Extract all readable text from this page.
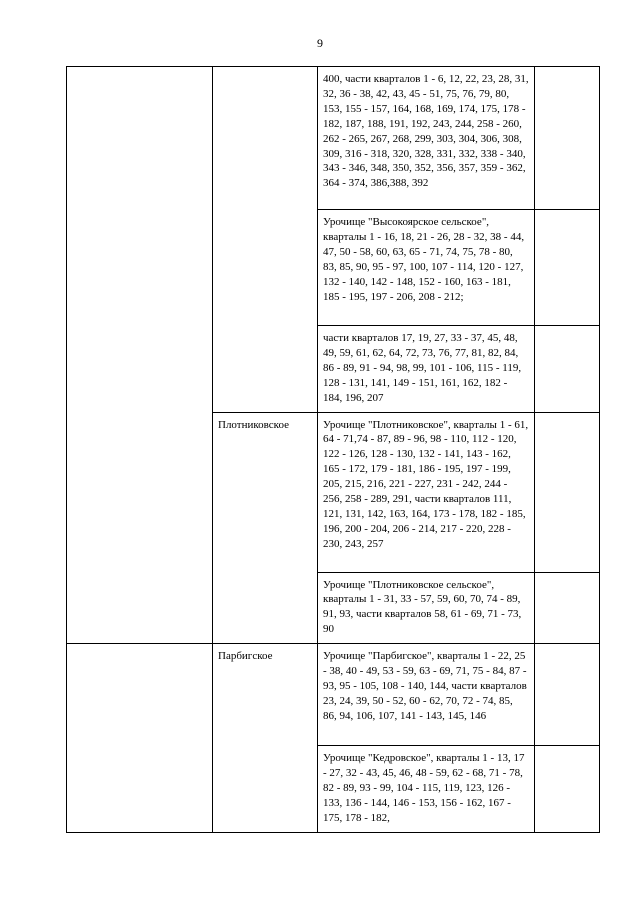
9
		400, части кварталов 1 - 6, 12, 22, 23, 28, 31, 32, 36 - 38, 42, 43, 45 - 51, 75, 76, 79, 80, 153, 155 - 157, 164, 168, 169, 174, 175, 178 - 182, 187, 188, 191, 192, 243, 244, 258 - 260, 262 - 265, 267, 268, 299, 303, 304, 306, 308, 309, 316 - 318, 320, 328, 331, 332, 338 - 340, 343 - 346, 348, 350, 352, 356, 357, 359 - 362, 364 - 374, 386,388, 392	
		Урочище "Высокоярское сельское", кварталы 1 - 16, 18, 21 - 26, 28 - 32, 38 - 44, 47, 50 - 58, 60, 63, 65 - 71, 74, 75, 78 - 80, 83, 85, 90, 95 - 97, 100, 107 - 114, 120 - 127, 132 - 140, 142 - 148, 152 - 160, 163 - 181, 185 - 195, 197 - 206, 208 - 212;	
		части кварталов 17, 19, 27, 33 - 37, 45, 48, 49, 59, 61, 62, 64, 72, 73, 76, 77, 81, 82, 84, 86 - 89, 91 - 94, 98, 99, 101 - 106, 115 - 119, 128 - 131, 141, 149 - 151, 161, 162, 182 - 184, 196, 207	
	Плотниковское	Урочище "Плотниковское", кварталы 1 - 61, 64 - 71,74 - 87, 89 - 96, 98 - 110, 112 - 120, 122 - 126, 128 - 130, 132 - 141, 143 - 162, 165 - 172, 179 - 181, 186 - 195, 197 - 199, 205, 215, 216, 221 - 227, 231 - 242, 244 - 256, 258 - 289, 291, части кварталов 111, 121, 131, 142, 163, 164, 173 - 178, 182 - 185, 196, 200 - 204, 206 - 214, 217 - 220, 228 - 230, 243, 257	
		Урочище "Плотниковское сельское", кварталы 1 - 31, 33 - 57, 59, 60, 70, 74 - 89, 91, 93, части кварталов 58, 61 - 69, 71 - 73, 90	
	Парбигское	Урочище "Парбигское", кварталы 1 - 22, 25 - 38, 40 - 49, 53 - 59, 63 - 69, 71, 75 - 84, 87 - 93, 95 - 105, 108 - 140, 144, части кварталов 23, 24, 39, 50 - 52, 60 - 62, 70, 72 - 74, 85, 86, 94, 106, 107, 141 - 143, 145, 146	
		Урочище "Кедровское", кварталы 1 - 13, 17 - 27, 32 - 43, 45, 46, 48 - 59, 62 - 68, 71 - 78, 82 - 89, 93 - 99, 104 - 115, 119, 123, 126 - 133, 136 - 144, 146 - 153, 156 - 162, 167 - 175, 178 - 182,	
